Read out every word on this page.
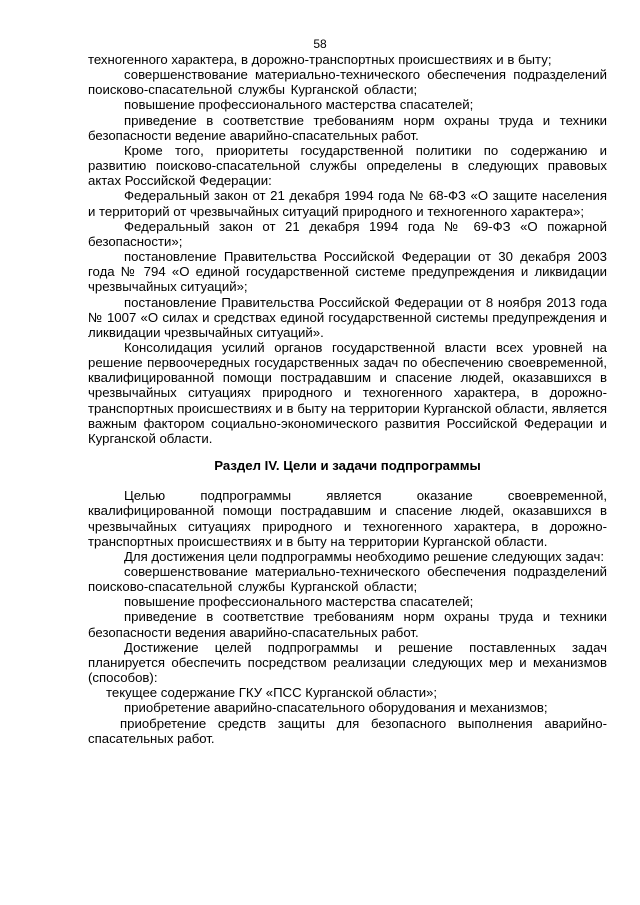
58

техногенного характера, в дорожно-транспортных происшествиях и в быту;

совершенствование материально-технического обеспечения подразделений поисково-спасательной службы Курганской области;

повышение профессионального мастерства спасателей;

приведение в соответствие требованиям норм охраны труда и техники безопасности ведение аварийно-спасательных работ.

Кроме того, приоритеты государственной политики по содержанию и развитию поисково-спасательной службы определены в следующих правовых актах Российской Федерации:

Федеральный закон от 21 декабря 1994 года № 68-ФЗ «О защите населения и территорий от чрезвычайных ситуаций природного и техногенного характера»;

Федеральный закон от 21 декабря 1994 года № 69-ФЗ «О пожарной безопасности»;

постановление Правительства Российской Федерации от 30 декабря 2003 года № 794 «О единой государственной системе предупреждения и ликвидации чрезвычайных ситуаций»;

постановление Правительства Российской Федерации от 8 ноября 2013 года № 1007 «О силах и средствах единой государственной системы предупреждения и ликвидации чрезвычайных ситуаций».

Консолидация усилий органов государственной власти всех уровней на решение первоочередных государственных задач по обеспечению своевременной, квалифицированной помощи пострадавшим и спасение людей, оказавшихся в чрезвычайных ситуациях природного и техногенного характера, в дорожно-транспортных происшествиях и в быту на территории Курганской области, является важным фактором социально-экономического развития Российской Федерации и Курганской области.

Раздел IV. Цели и задачи подпрограммы

Целью подпрограммы является оказание своевременной, квалифицированной помощи пострадавшим и спасение людей, оказавшихся в чрезвычайных ситуациях природного и техногенного характера, в дорожно-транспортных происшествиях и в быту на территории Курганской области.

Для достижения цели подпрограммы необходимо решение следующих задач:

совершенствование материально-технического обеспечения подразделений поисково-спасательной службы Курганской области;

повышение профессионального мастерства спасателей;

приведение в соответствие требованиям норм охраны труда и техники безопасности ведения аварийно-спасательных работ.

Достижение целей подпрограммы и решение поставленных задач планируется обеспечить посредством реализации следующих мер и механизмов (способов):

текущее содержание ГКУ «ПСС Курганской области»;

приобретение аварийно-спасательного оборудования и механизмов;

приобретение средств защиты для безопасного выполнения аварийно-спасательных работ.
